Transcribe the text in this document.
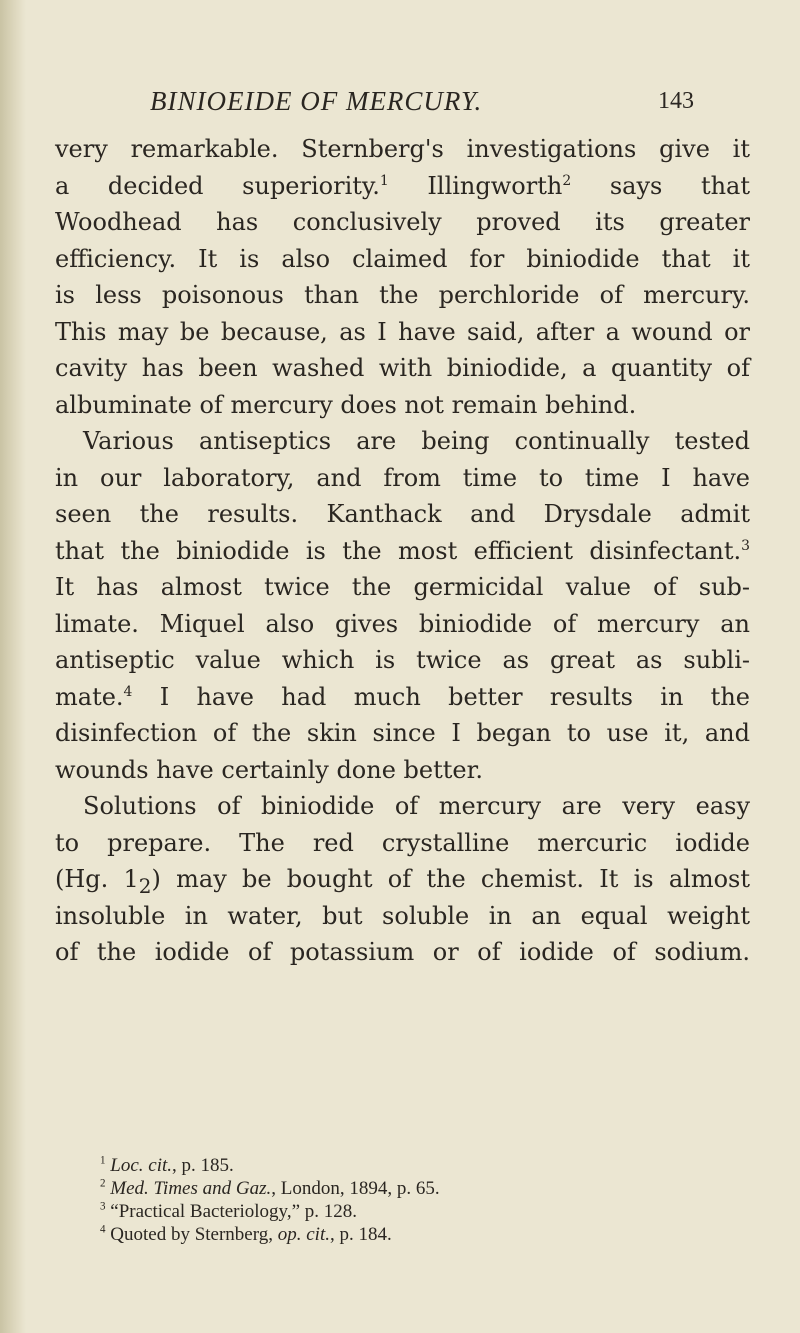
BINIOEIDE OF MERCURY.	143
very remarkable. Sternberg's investigations give it
a decided superiority.$^1$ Illingworth$^2$ says that
Woodhead has conclusively proved its greater
efficiency. It is also claimed for biniodide that it
is less poisonous than the perchloride of mercury.
This may be because, as I have said, after a wound or
cavity has been washed with biniodide, a quantity of
albuminate of mercury does not remain behind.
Various antiseptics are being continually tested
in our laboratory, and from time to time I have
seen the results. Kanthack and Drysdale admit
that the biniodide is the most efficient disinfectant.$^3$
It has almost twice the germicidal value of sub-
limate. Miquel also gives biniodide of mercury an
antiseptic value which is twice as great as subli-
mate.$^4$ I have had much better results in the
disinfection of the skin since I began to use it, and
wounds have certainly done better.
Solutions of biniodide of mercury are very easy
to prepare. The red crystalline mercuric iodide
(Hg. $1_2$) may be bought of the chemist. It is almost
insoluble in water, but soluble in an equal weight
of the iodide of potassium or of iodide of sodium.
$^1$ Loc. cit., p. 185.
$^2$ Med. Times and Gaz., London, 1894, p. 65.
$^3$ “Practical Bacteriology,” p. 128.
$^4$ Quoted by Sternberg, op. cit., p. 184.
